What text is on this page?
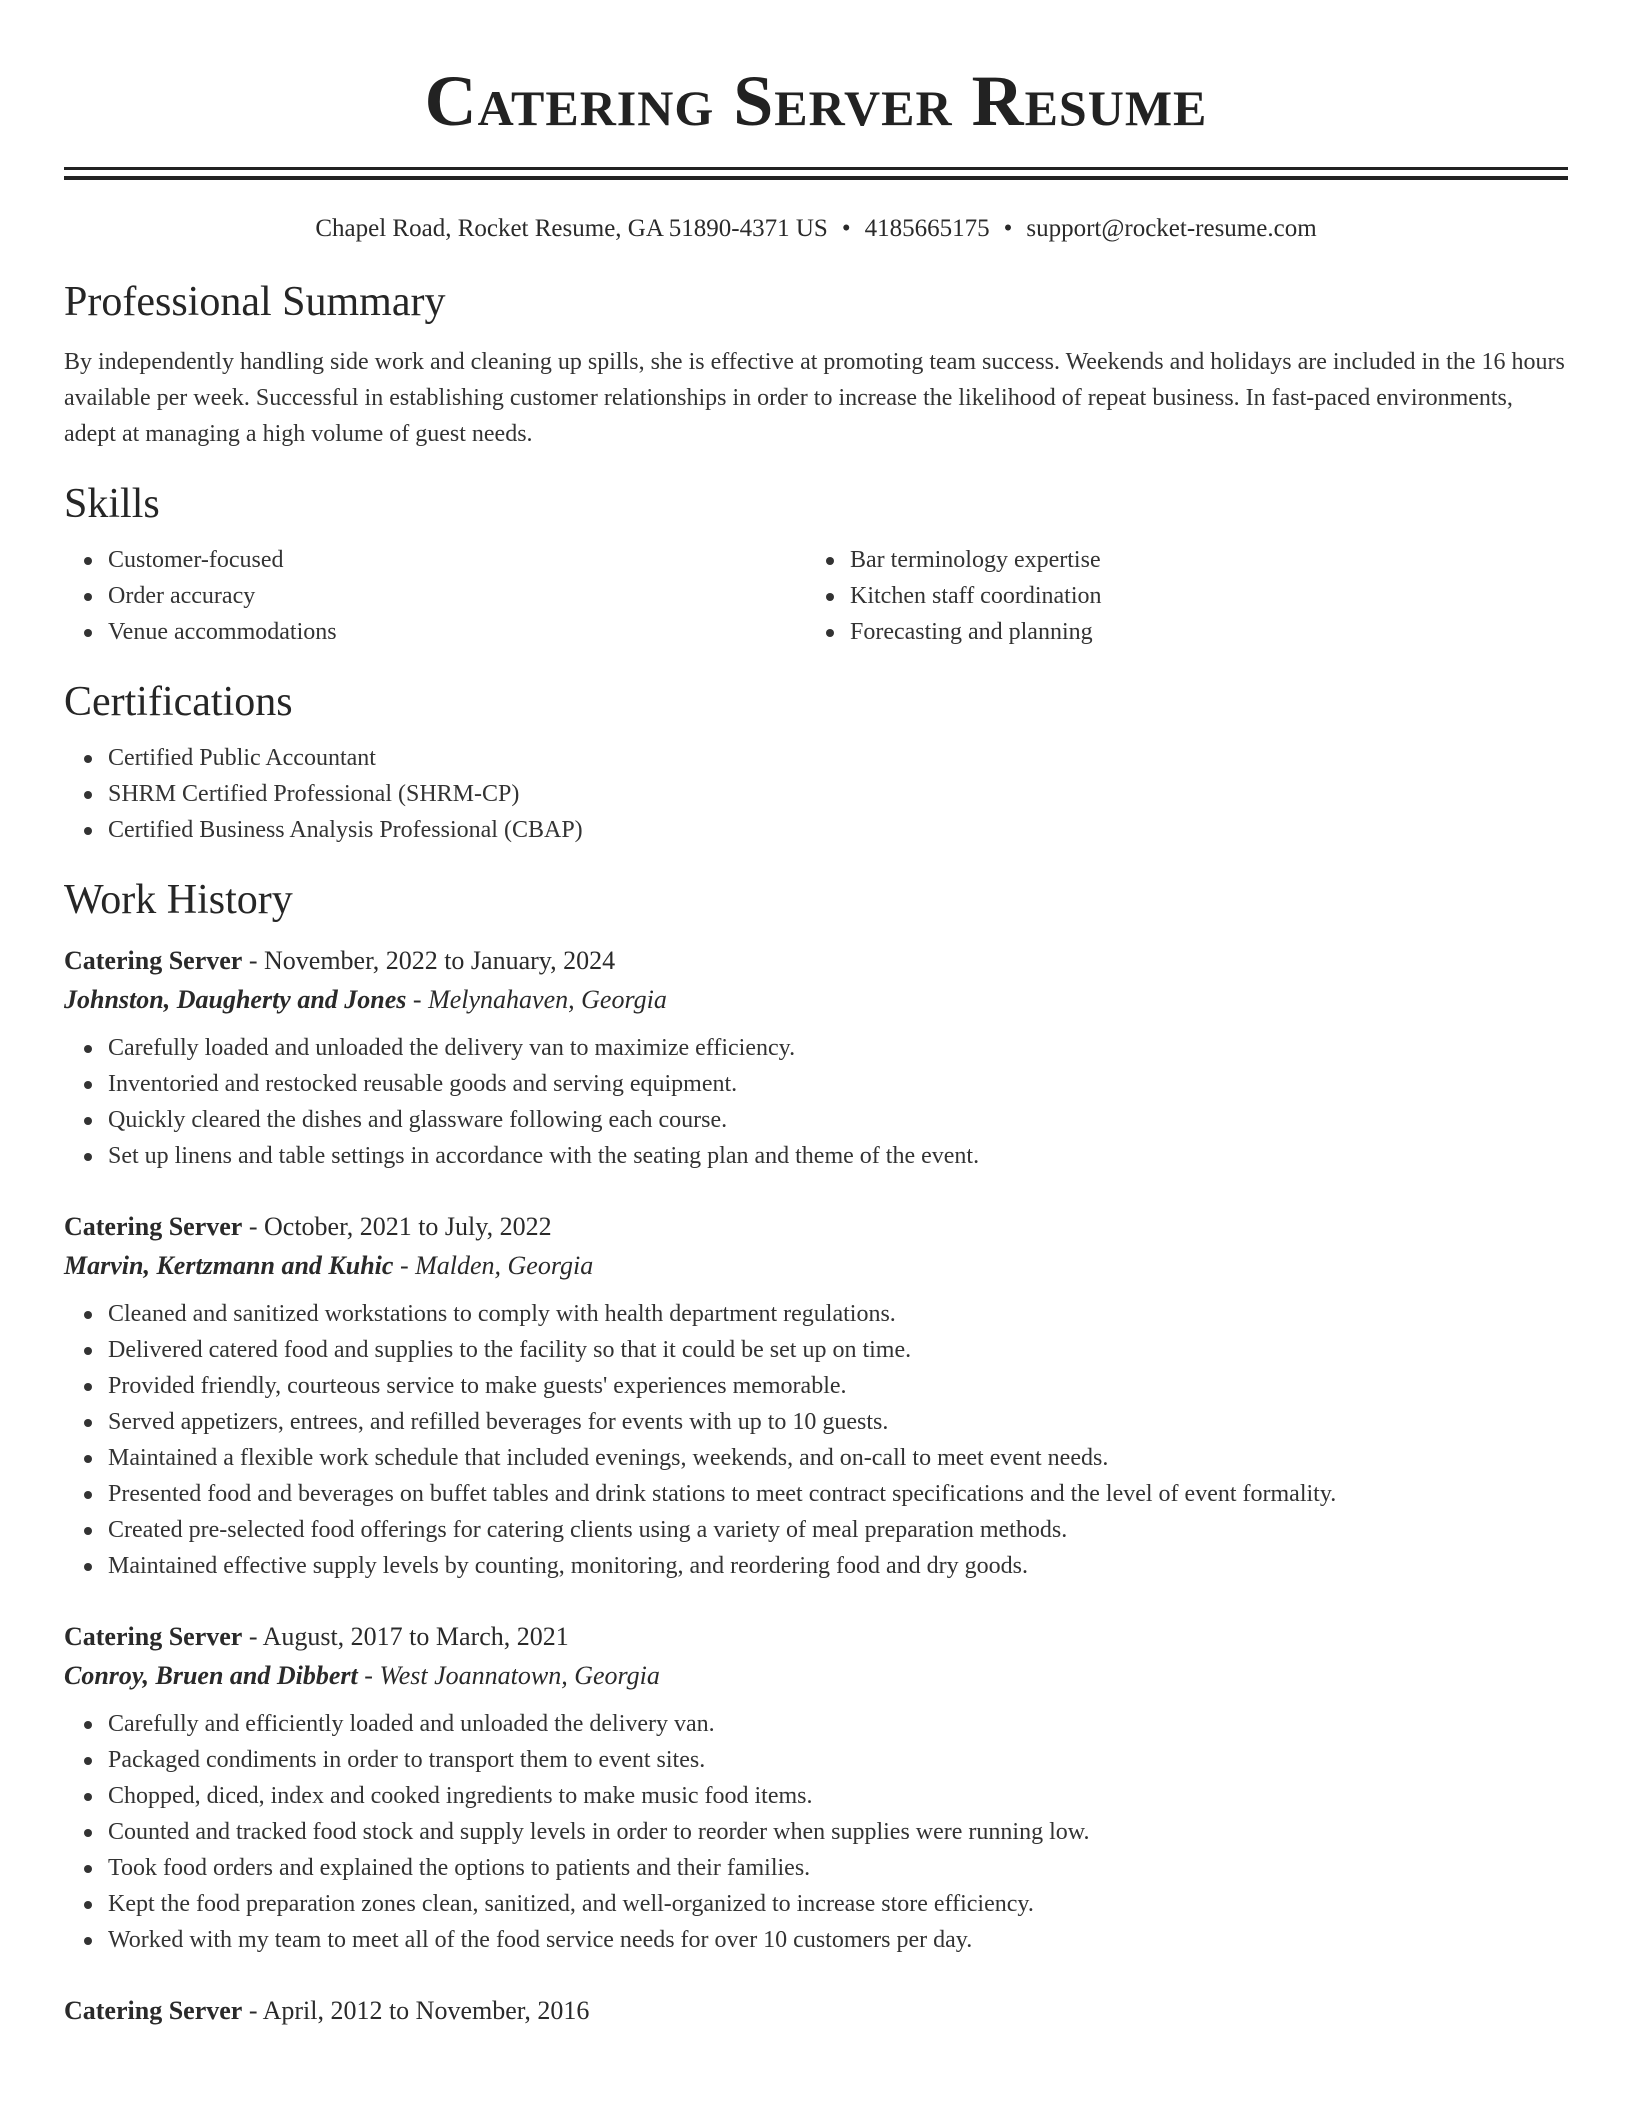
Catering Server Resume
Chapel Road, Rocket Resume, GA 51890-4371 US • 4185665175 • support@rocket-resume.com
Professional Summary
By independently handling side work and cleaning up spills, she is effective at promoting team success. Weekends and holidays are included in the 16 hours available per week. Successful in establishing customer relationships in order to increase the likelihood of repeat business. In fast-paced environments, adept at managing a high volume of guest needs.
Skills
Customer-focused
Order accuracy
Venue accommodations
Bar terminology expertise
Kitchen staff coordination
Forecasting and planning
Certifications
Certified Public Accountant
SHRM Certified Professional (SHRM-CP)
Certified Business Analysis Professional (CBAP)
Work History
Catering Server - November, 2022 to January, 2024
Johnston, Daugherty and Jones - Melynahaven, Georgia
Carefully loaded and unloaded the delivery van to maximize efficiency.
Inventoried and restocked reusable goods and serving equipment.
Quickly cleared the dishes and glassware following each course.
Set up linens and table settings in accordance with the seating plan and theme of the event.
Catering Server - October, 2021 to July, 2022
Marvin, Kertzmann and Kuhic - Malden, Georgia
Cleaned and sanitized workstations to comply with health department regulations.
Delivered catered food and supplies to the facility so that it could be set up on time.
Provided friendly, courteous service to make guests' experiences memorable.
Served appetizers, entrees, and refilled beverages for events with up to 10 guests.
Maintained a flexible work schedule that included evenings, weekends, and on-call to meet event needs.
Presented food and beverages on buffet tables and drink stations to meet contract specifications and the level of event formality.
Created pre-selected food offerings for catering clients using a variety of meal preparation methods.
Maintained effective supply levels by counting, monitoring, and reordering food and dry goods.
Catering Server - August, 2017 to March, 2021
Conroy, Bruen and Dibbert - West Joannatown, Georgia
Carefully and efficiently loaded and unloaded the delivery van.
Packaged condiments in order to transport them to event sites.
Chopped, diced, index and cooked ingredients to make music food items.
Counted and tracked food stock and supply levels in order to reorder when supplies were running low.
Took food orders and explained the options to patients and their families.
Kept the food preparation zones clean, sanitized, and well-organized to increase store efficiency.
Worked with my team to meet all of the food service needs for over 10 customers per day.
Catering Server - April, 2012 to November, 2016
